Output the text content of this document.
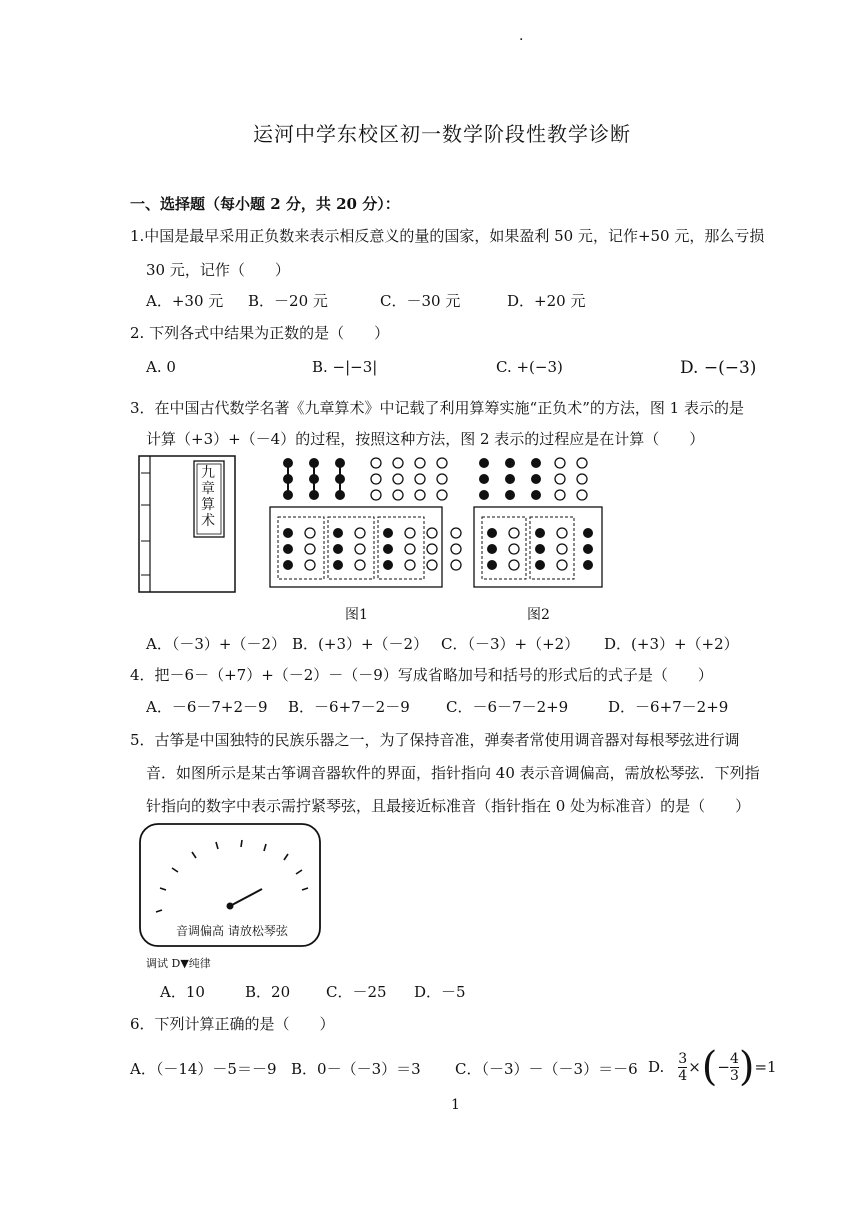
·
运河中学东校区初一数学阶段性教学诊断
一、选择题（每小题 2 分，共 20 分）：
1.中国是最早采用正负数来表示相反意义的量的国家，如果盈利 50 元，记作+50 元，那么亏损
30 元，记作（　　）
A．+30 元 B．－20 元	C．－30 元	D．+20 元
2. 下列各式中结果为正数的是（　　）
A. 0	B. −|−3|	C. +(−3)	D. −(−3)
3．在中国古代数学名著《九章算术》中记载了利用算筹实施“正负术”的方法，图 1 表示的是
计算（+3）+（－4）的过程，按照这种方法，图 2 表示的过程应是在计算（　　）
九章算术
图1	图2
A．（－3）+（－2） B．(+3）+（－2） C．（－3）+（+2） D．(+3）+（+2）
4．把－6－（+7）+（－2）－（－9）写成省略加号和括号的形式后的式子是（　　）
A．－6－7+2－9 B．－6+7－2－9 C．－6－7－2+9	D．－6+7－2+9
5．古筝是中国独特的民族乐器之一，为了保持音准，弹奏者常使用调音器对每根琴弦进行调
音．如图所示是某古筝调音器软件的界面，指针指向 40 表示音调偏高，需放松琴弦．下列指
针指向的数字中表示需拧紧琴弦，且最接近标准音（指针指在 0 处为标准音）的是（　　）
音调偏高 请放松琴弦
调试 D▼纯律
A．10	B．20 C．－25 D．－5
6．下列计算正确的是（　　）
A．（－14）－5＝－9 B．0－（－3）＝3 C．（－3）－（－3）＝－6 D. $\frac{3}{4}$ × ( − $\frac{4}{3}$ ) =1
1
